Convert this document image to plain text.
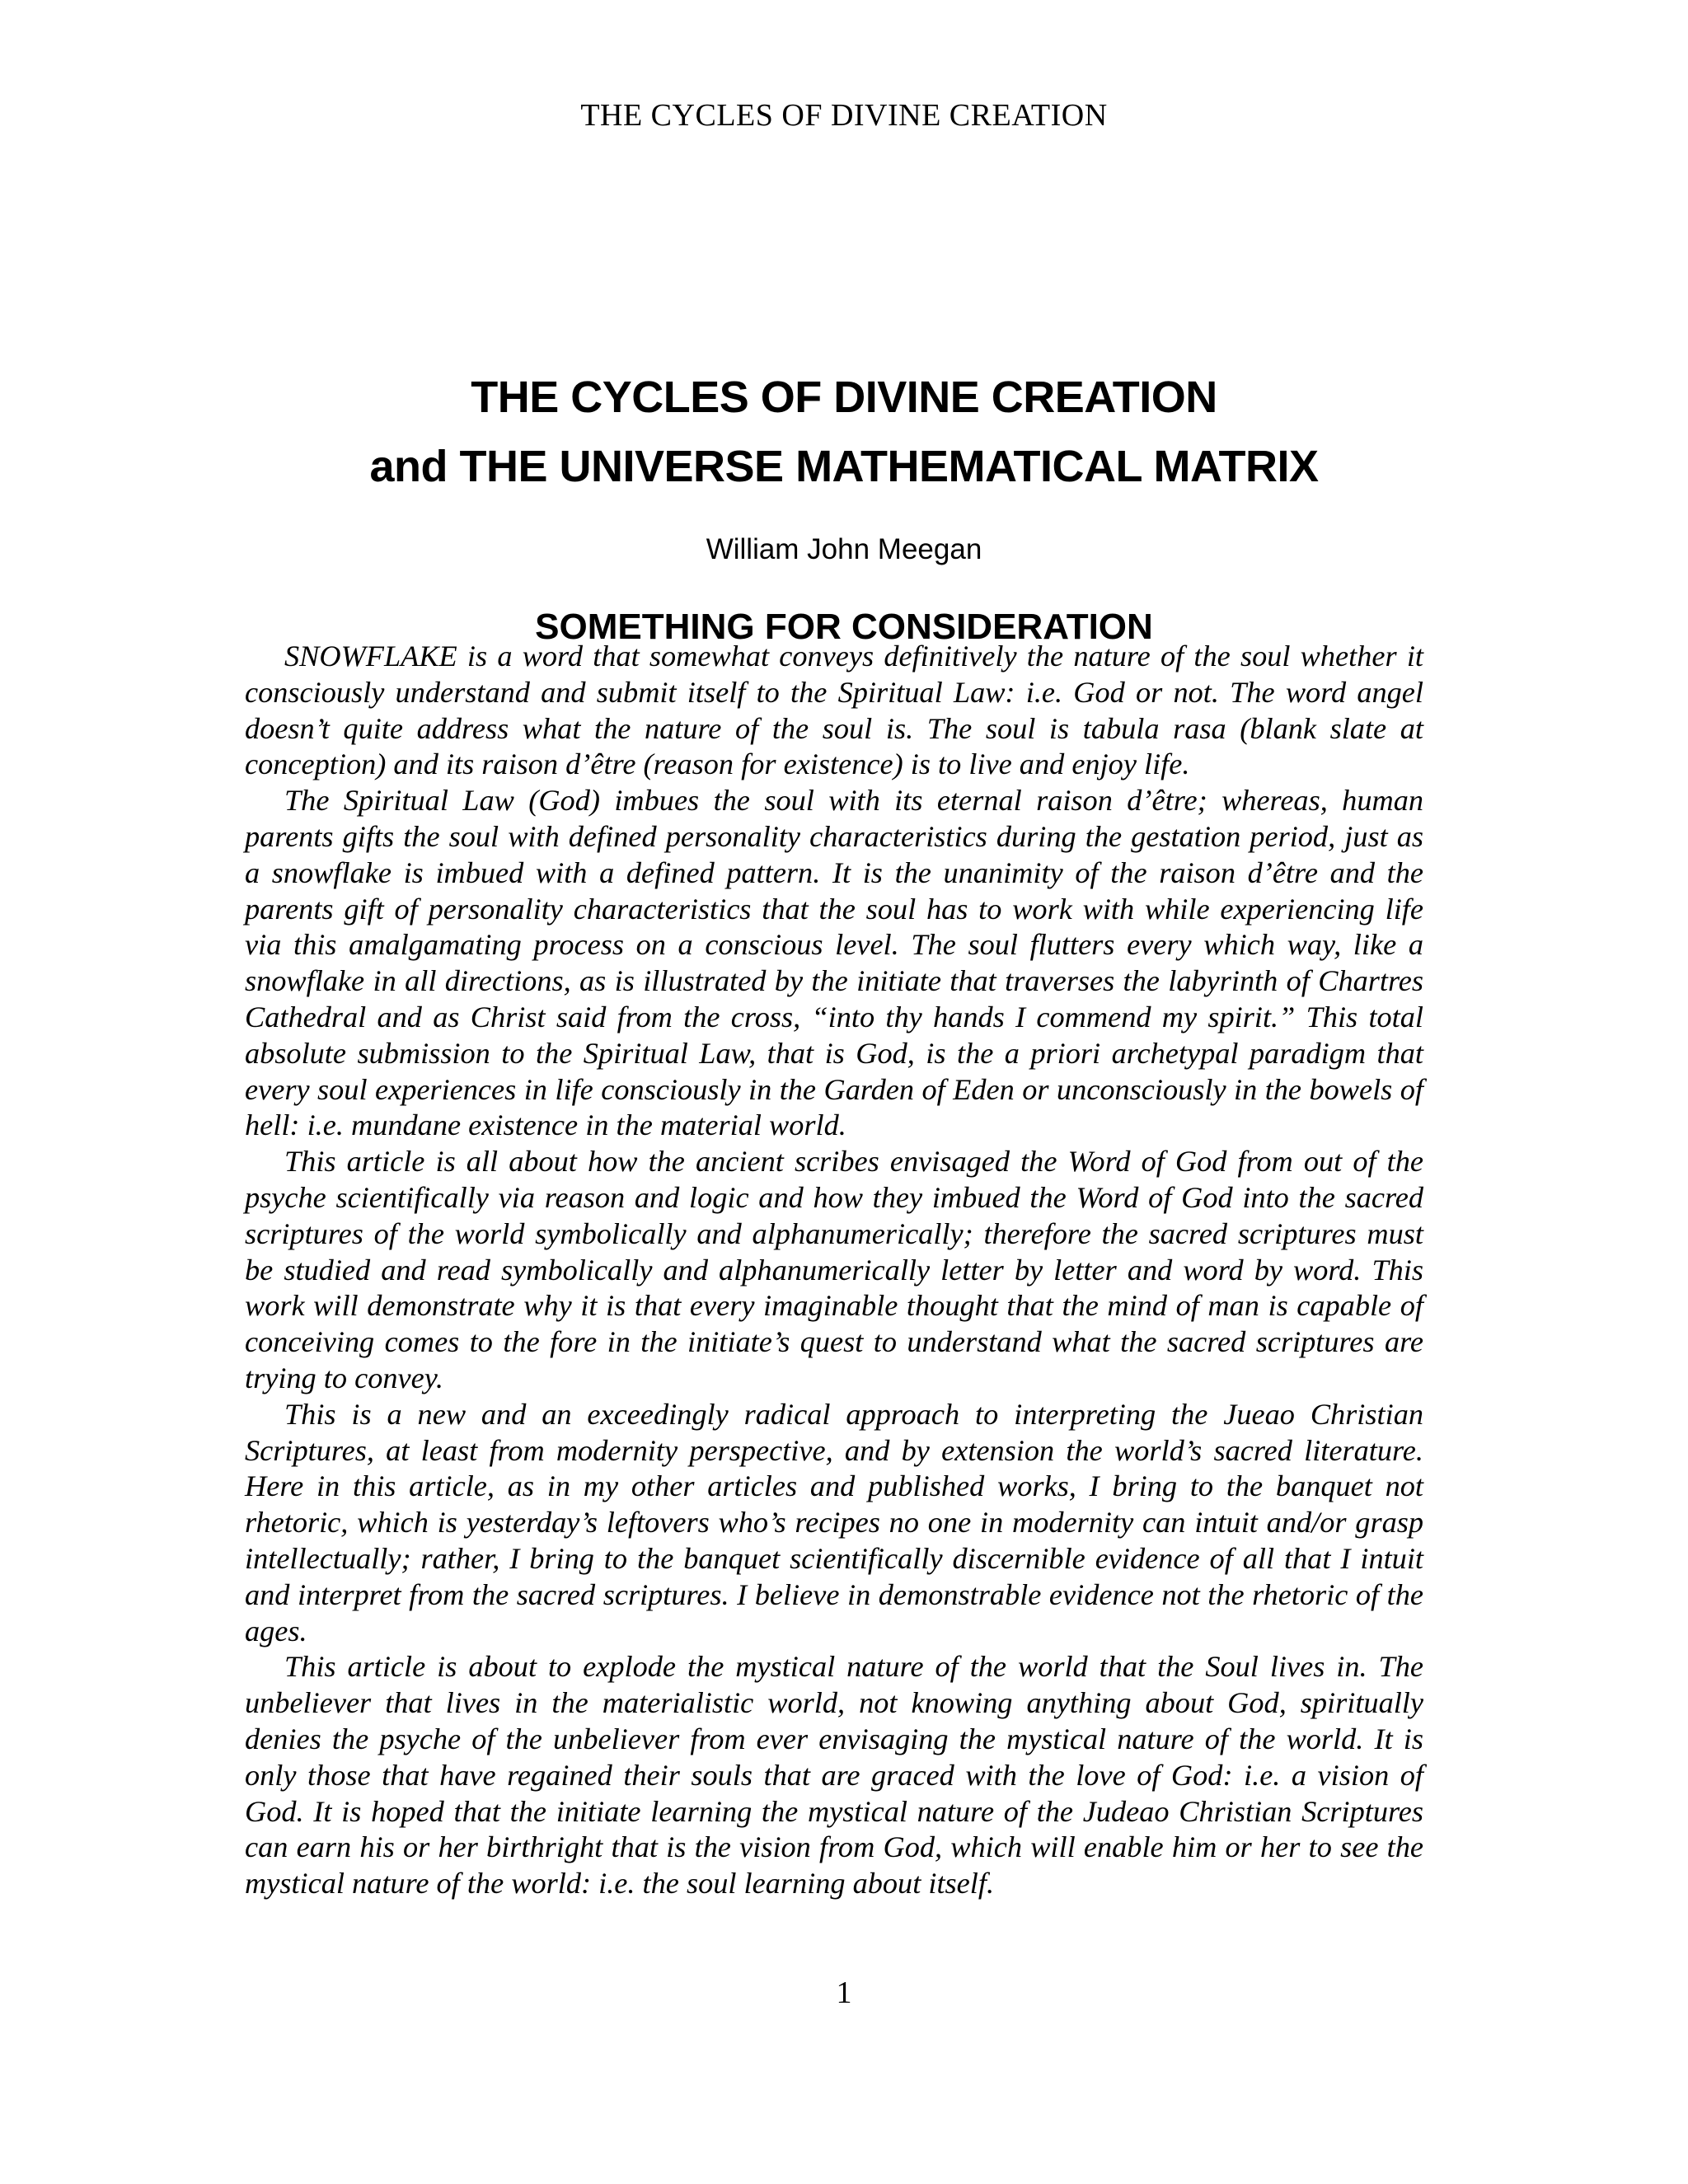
THE CYCLES OF DIVINE CREATION
THE CYCLES OF DIVINE CREATION
and THE UNIVERSE MATHEMATICAL MATRIX
William John Meegan
SOMETHING FOR CONSIDERATION

SNOWFLAKE is a word that somewhat conveys definitively the nature of the soul whether it consciously understand and submit itself to the Spiritual Law: i.e. God or not. The word angel doesn’t quite address what the nature of the soul is. The soul is tabula rasa (blank slate at conception) and its raison d’être (reason for existence) is to live and enjoy life.

The Spiritual Law (God) imbues the soul with its eternal raison d’être; whereas, human parents gifts the soul with defined personality characteristics during the gestation period, just as a snowflake is imbued with a defined pattern. It is the unanimity of the raison d’être and the parents gift of personality characteristics that the soul has to work with while experiencing life via this amalgamating process on a conscious level. The soul flutters every which way, like a snowflake in all directions, as is illustrated by the initiate that traverses the labyrinth of Chartres Cathedral and as Christ said from the cross, “into thy hands I commend my spirit.” This total absolute submission to the Spiritual Law, that is God, is the a priori archetypal paradigm that every soul experiences in life consciously in the Garden of Eden or unconsciously in the bowels of hell: i.e. mundane existence in the material world.

This article is all about how the ancient scribes envisaged the Word of God from out of the psyche scientifically via reason and logic and how they imbued the Word of God into the sacred scriptures of the world symbolically and alphanumerically; therefore the sacred scriptures must be studied and read symbolically and alphanumerically letter by letter and word by word. This work will demonstrate why it is that every imaginable thought that the mind of man is capable of conceiving comes to the fore in the initiate’s quest to understand what the sacred scriptures are trying to convey.

This is a new and an exceedingly radical approach to interpreting the Jueao Christian Scriptures, at least from modernity perspective, and by extension the world’s sacred literature. Here in this article, as in my other articles and published works, I bring to the banquet not rhetoric, which is yesterday’s leftovers who’s recipes no one in modernity can intuit and/or grasp intellectually; rather, I bring to the banquet scientifically discernible evidence of all that I intuit and interpret from the sacred scriptures. I believe in demonstrable evidence not the rhetoric of the ages.

This article is about to explode the mystical nature of the world that the Soul lives in. The unbeliever that lives in the materialistic world, not knowing anything about God, spiritually denies the psyche of the unbeliever from ever envisaging the mystical nature of the world. It is only those that have regained their souls that are graced with the love of God: i.e. a vision of God. It is hoped that the initiate learning the mystical nature of the Judeao Christian Scriptures can earn his or her birthright that is the vision from God, which will enable him or her to see the mystical nature of the world: i.e. the soul learning about itself.

1
